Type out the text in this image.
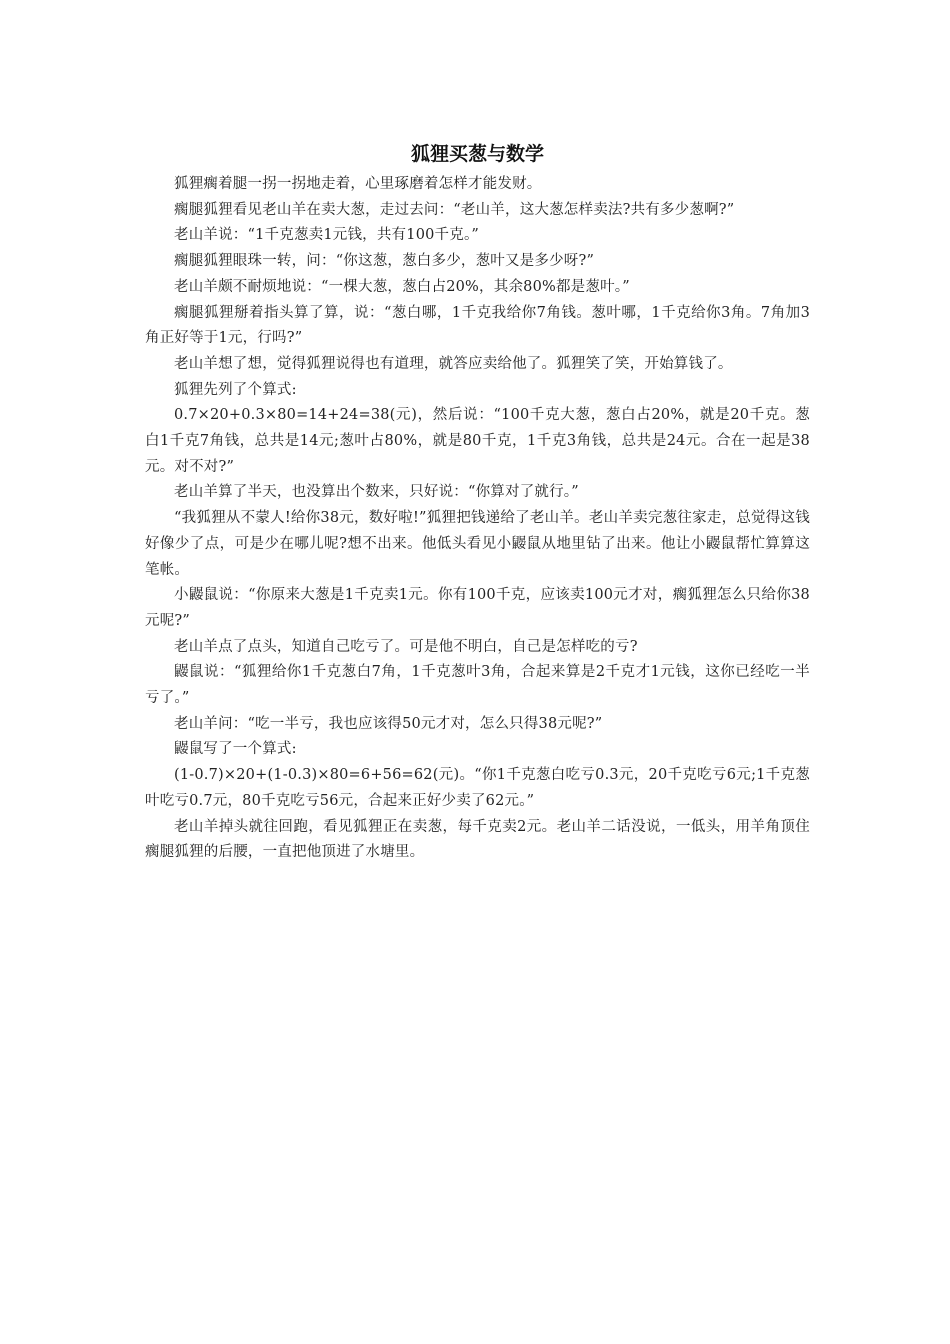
狐狸买葱与数学

狐狸瘸着腿一拐一拐地走着，心里琢磨着怎样才能发财。

瘸腿狐狸看见老山羊在卖大葱，走过去问：“老山羊，这大葱怎样卖法?共有多少葱啊?”

老山羊说：“1千克葱卖1元钱，共有100千克。”

瘸腿狐狸眼珠一转，问：“你这葱，葱白多少，葱叶又是多少呀?”

老山羊颇不耐烦地说：“一棵大葱，葱白占20%，其余80%都是葱叶。”

瘸腿狐狸掰着指头算了算，说：“葱白哪，1千克我给你7角钱。葱叶哪，1千克给你3角。7角加3角正好等于1元，行吗?”

老山羊想了想，觉得狐狸说得也有道理，就答应卖给他了。狐狸笑了笑，开始算钱了。

狐狸先列了个算式:

0.7×20+0.3×80=14+24=38(元)，然后说：“100千克大葱，葱白占20%，就是20千克。葱白1千克7角钱，总共是14元;葱叶占80%，就是80千克，1千克3角钱，总共是24元。合在一起是38元。对不对?”

老山羊算了半天，也没算出个数来，只好说：“你算对了就行。”

“我狐狸从不蒙人!给你38元，数好啦!”狐狸把钱递给了老山羊。老山羊卖完葱往家走，总觉得这钱好像少了点，可是少在哪儿呢?想不出来。他低头看见小鼹鼠从地里钻了出来。他让小鼹鼠帮忙算算这笔帐。

小鼹鼠说：“你原来大葱是1千克卖1元。你有100千克，应该卖100元才对，瘸狐狸怎么只给你38元呢?”

老山羊点了点头，知道自己吃亏了。可是他不明白，自己是怎样吃的亏?

鼹鼠说：“狐狸给你1千克葱白7角，1千克葱叶3角，合起来算是2千克才1元钱，这你已经吃一半亏了。”

老山羊问：“吃一半亏，我也应该得50元才对，怎么只得38元呢?”

鼹鼠写了一个算式:

(1-0.7)×20+(1-0.3)×80=6+56=62(元)。“你1千克葱白吃亏0.3元，20千克吃亏6元;1千克葱叶吃亏0.7元，80千克吃亏56元，合起来正好少卖了62元。”

老山羊掉头就往回跑，看见狐狸正在卖葱，每千克卖2元。老山羊二话没说，一低头，用羊角顶住瘸腿狐狸的后腰，一直把他顶进了水塘里。
